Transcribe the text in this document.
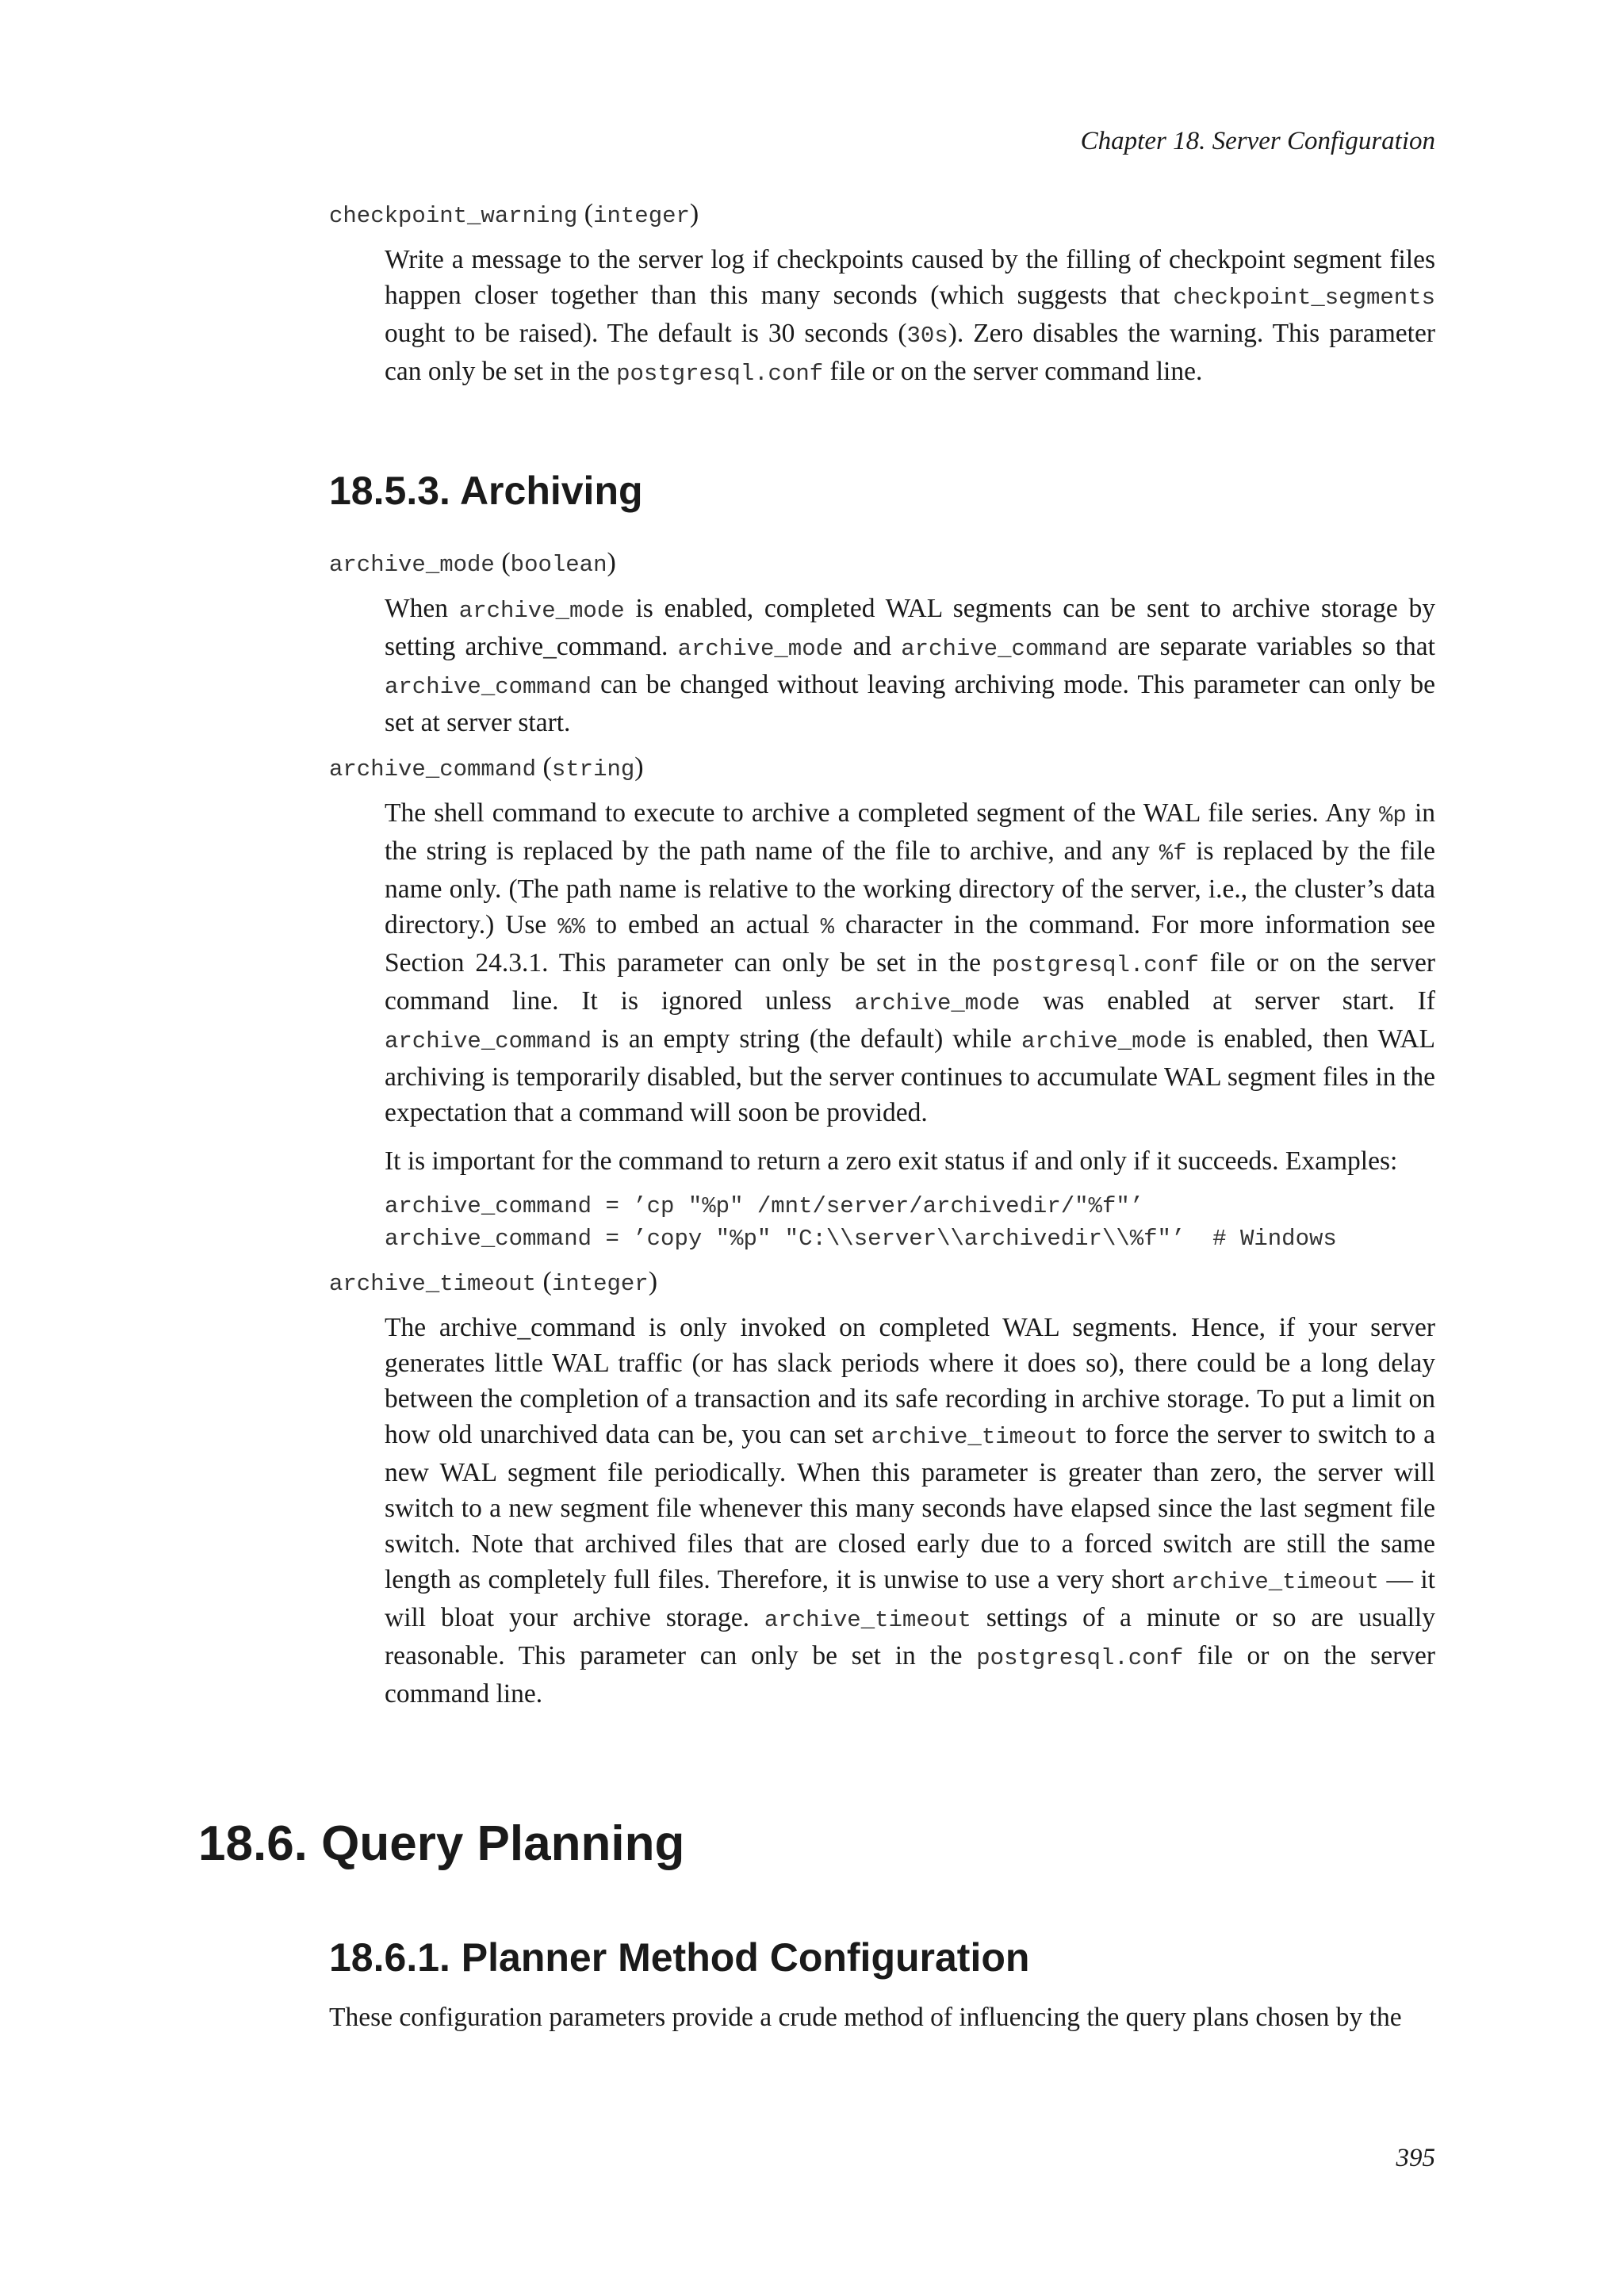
Chapter 18. Server Configuration
checkpoint_warning (integer)

Write a message to the server log if checkpoints caused by the filling of checkpoint segment files happen closer together than this many seconds (which suggests that checkpoint_segments ought to be raised). The default is 30 seconds (30s). Zero disables the warning. This parameter can only be set in the postgresql.conf file or on the server command line.

18.5.3. Archiving
archive_mode (boolean)

When archive_mode is enabled, completed WAL segments can be sent to archive storage by setting archive_command. archive_mode and archive_command are separate variables so that archive_command can be changed without leaving archiving mode. This parameter can only be set at server start.

archive_command (string)

The shell command to execute to archive a completed segment of the WAL file series. Any %p in the string is replaced by the path name of the file to archive, and any %f is replaced by the file name only. (The path name is relative to the working directory of the server, i.e., the cluster’s data directory.) Use %% to embed an actual % character in the command. For more information see Section 24.3.1. This parameter can only be set in the postgresql.conf file or on the server command line. It is ignored unless archive_mode was enabled at server start. If archive_command is an empty string (the default) while archive_mode is enabled, then WAL archiving is temporarily disabled, but the server continues to accumulate WAL segment files in the expectation that a command will soon be provided.

It is important for the command to return a zero exit status if and only if it succeeds. Examples:

archive_command = ’cp "%p" /mnt/server/archivedir/"%f"’
archive_command = ’copy "%p" "C:\\server\\archivedir\\%f"’  # Windows
archive_timeout (integer)

The archive_command is only invoked on completed WAL segments. Hence, if your server generates little WAL traffic (or has slack periods where it does so), there could be a long delay between the completion of a transaction and its safe recording in archive storage. To put a limit on how old unarchived data can be, you can set archive_timeout to force the server to switch to a new WAL segment file periodically. When this parameter is greater than zero, the server will switch to a new segment file whenever this many seconds have elapsed since the last segment file switch. Note that archived files that are closed early due to a forced switch are still the same length as completely full files. Therefore, it is unwise to use a very short archive_timeout — it will bloat your archive storage. archive_timeout settings of a minute or so are usually reasonable. This parameter can only be set in the postgresql.conf file or on the server command line.

18.6. Query Planning
18.6.1. Planner Method Configuration

These configuration parameters provide a crude method of influencing the query plans chosen by the

395
